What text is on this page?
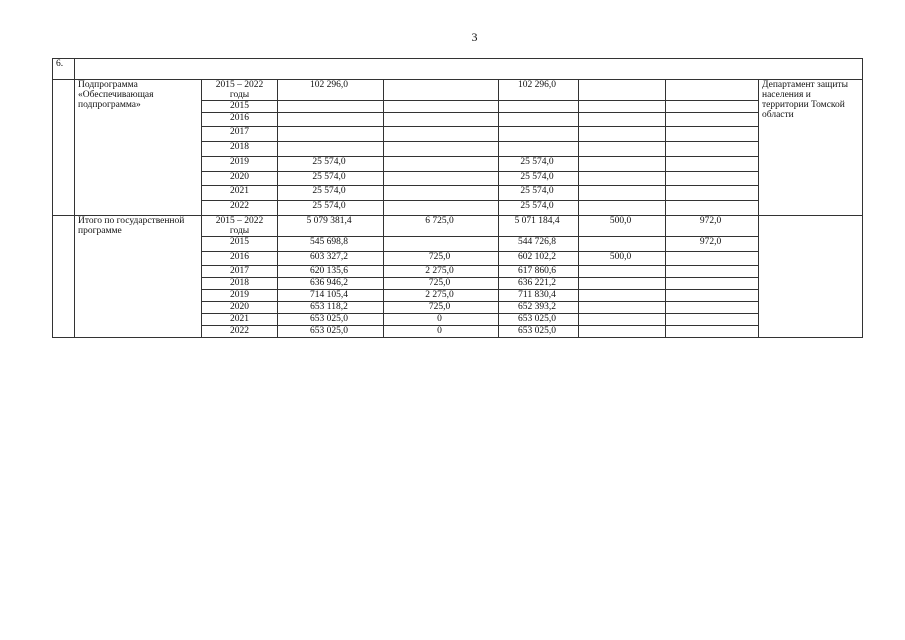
3
6.								
	Подпрограмма «Обеспечивающая подпрограмма»	2015 – 2022 годы	102 296,0		102 296,0			Департамент защиты населения и территории Томской области
		2015						
		2016						
		2017						
		2018						
		2019	25 574,0		25 574,0			
		2020	25 574,0		25 574,0			
		2021	25 574,0		25 574,0			
		2022	25 574,0		25 574,0			
	Итого по государственной программе	2015 – 2022 годы	5 079 381,4	6 725,0	5 071 184,4	500,0	972,0	
		2015	545 698,8		544 726,8		972,0	
		2016	603 327,2	725,0	602 102,2	500,0		
		2017	620 135,6	2 275,0	617 860,6			
		2018	636 946,2	725,0	636 221,2			
		2019	714 105,4	2 275,0	711 830,4			
		2020	653 118,2	725,0	652 393,2			
		2021	653 025,0	0	653 025,0			
		2022	653 025,0	0	653 025,0			
